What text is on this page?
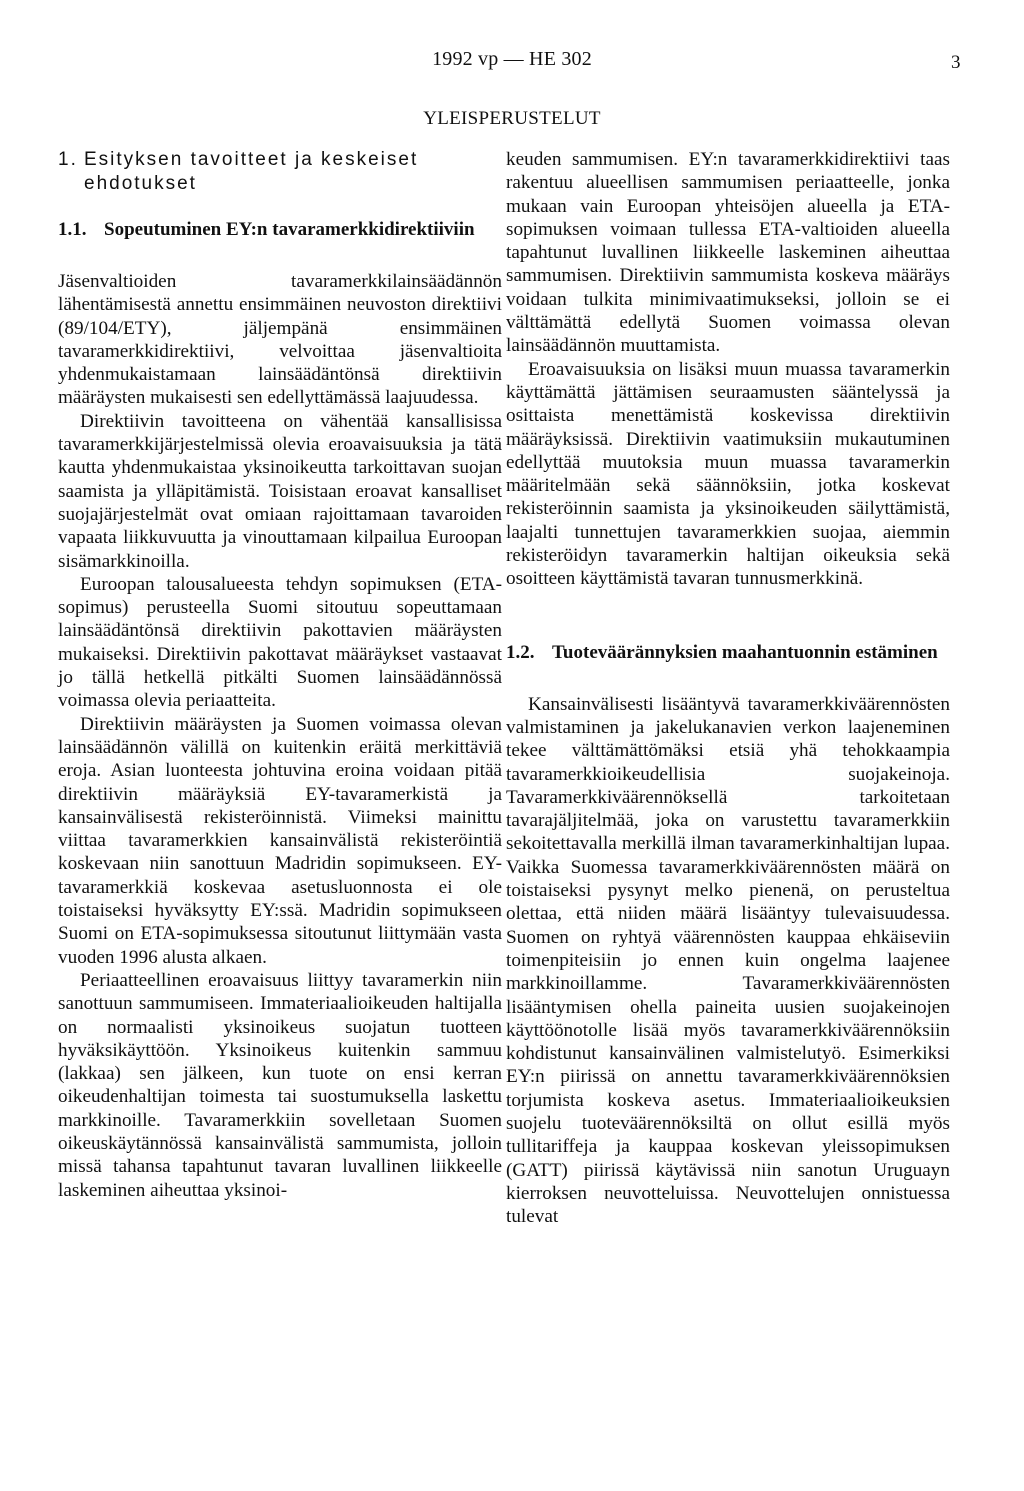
1992 vp — HE 302	3
YLEISPERUSTELUT
1. Esityksen tavoitteet ja keskeiset ehdotukset
1.1. Sopeutuminen EY:n tavaramerkkidirektiiviin

Jäsenvaltioiden tavaramerkkilainsäädännön lähentämisestä annettu ensimmäinen neuvoston direktiivi (89/104/ETY), jäljempänä ensimmäinen tavaramerkkidirektiivi, velvoittaa jäsenvaltioita yhdenmukaistamaan lainsäädäntönsä direktiivin määräysten mukaisesti sen edellyttämässä laajuudessa.

Direktiivin tavoitteena on vähentää kansallisissa tavaramerkkijärjestelmissä olevia eroavaisuuksia ja tätä kautta yhdenmukaistaa yksinoikeutta tarkoittavan suojan saamista ja ylläpitämistä. Toisistaan eroavat kansalliset suojajärjestelmät ovat omiaan rajoittamaan tavaroiden vapaata liikkuvuutta ja vinouttamaan kilpailua Euroopan sisämarkkinoilla.

Euroopan talousalueesta tehdyn sopimuksen (ETA-sopimus) perusteella Suomi sitoutuu sopeuttamaan lainsäädäntönsä direktiivin pakottavien määräysten mukaiseksi. Direktiivin pakottavat määräykset vastaavat jo tällä hetkellä pitkälti Suomen lainsäädännössä voimassa olevia periaatteita.

Direktiivin määräysten ja Suomen voimassa olevan lainsäädännön välillä on kuitenkin eräitä merkittäviä eroja. Asian luonteesta johtuvina eroina voidaan pitää direktiivin määräyksiä EY-tavaramerkistä ja kansainvälisestä rekisteröinnistä. Viimeksi mainittu viittaa tavaramerkkien kansainvälistä rekisteröintiä koskevaan niin sanottuun Madridin sopimukseen. EY-tavaramerkkiä koskevaa asetusluonnosta ei ole toistaiseksi hyväksytty EY:ssä. Madridin sopimukseen Suomi on ETA-sopimuksessa sitoutunut liittymään vasta vuoden 1996 alusta alkaen.

Periaatteellinen eroavaisuus liittyy tavaramerkin niin sanottuun sammumiseen. Immateriaalioikeuden haltijalla on normaalisti yksinoikeus suojatun tuotteen hyväksikäyttöön. Yksinoikeus kuitenkin sammuu (lakkaa) sen jälkeen, kun tuote on ensi kerran oikeudenhaltijan toimesta tai suostumuksella laskettu markkinoille. Tavaramerkkiin sovelletaan Suomen oikeuskäytännössä kansainvälistä sammumista, jolloin missä tahansa tapahtunut tavaran luvallinen liikkeelle laskeminen aiheuttaa yksinoi-

keuden sammumisen. EY:n tavaramerkkidirektiivi taas rakentuu alueellisen sammumisen periaatteelle, jonka mukaan vain Euroopan yhteisöjen alueella ja ETA-sopimuksen voimaan tullessa ETA-valtioiden alueella tapahtunut luvallinen liikkeelle laskeminen aiheuttaa sammumisen. Direktiivin sammumista koskeva määräys voidaan tulkita minimivaatimukseksi, jolloin se ei välttämättä edellytä Suomen voimassa olevan lainsäädännön muuttamista.

Eroavaisuuksia on lisäksi muun muassa tavaramerkin käyttämättä jättämisen seuraamusten sääntelyssä ja osittaista menettämistä koskevissa direktiivin määräyksissä. Direktiivin vaatimuksiin mukautuminen edellyttää muutoksia muun muassa tavaramerkin määritelmään sekä säännöksiin, jotka koskevat rekisteröinnin saamista ja yksinoikeuden säilyttämistä, laajalti tunnettujen tavaramerkkien suojaa, aiemmin rekisteröidyn tavaramerkin haltijan oikeuksia sekä osoitteen käyttämistä tavaran tunnusmerkkinä.

1.2. Tuoteväärännyksien maahantuonnin estäminen

Kansainvälisesti lisääntyvä tavaramerkkiväärennösten valmistaminen ja jakelukanavien verkon laajeneminen tekee välttämättömäksi etsiä yhä tehokkaampia tavaramerkkioikeudellisia suojakeinoja. Tavaramerkkiväärennöksellä tarkoitetaan tavarajäljitelmää, joka on varustettu tavaramerkkiin sekoitettavalla merkillä ilman tavaramerkinhaltijan lupaa. Vaikka Suomessa tavaramerkkiväärennösten määrä on toistaiseksi pysynyt melko pienenä, on perusteltua olettaa, että niiden määrä lisääntyy tulevaisuudessa. Suomen on ryhtyä väärennösten kauppaa ehkäiseviin toimenpiteisiin jo ennen kuin ongelma laajenee markkinoillamme. Tavaramerkkiväärennösten lisääntymisen ohella paineita uusien suojakeinojen käyttöönotolle lisää myös tavaramerkkiväärennöksiin kohdistunut kansainvälinen valmistelutyö. Esimerkiksi EY:n piirissä on annettu tavaramerkkiväärennöksien torjumista koskeva asetus. Immateriaalioikeuksien suojelu tuoteväärennöksiltä on ollut esillä myös tullitariffeja ja kauppaa koskevan yleissopimuksen (GATT) piirissä käytävissä niin sanotun Uruguayn kierroksen neuvotteluissa. Neuvottelujen onnistuessa tulevat
